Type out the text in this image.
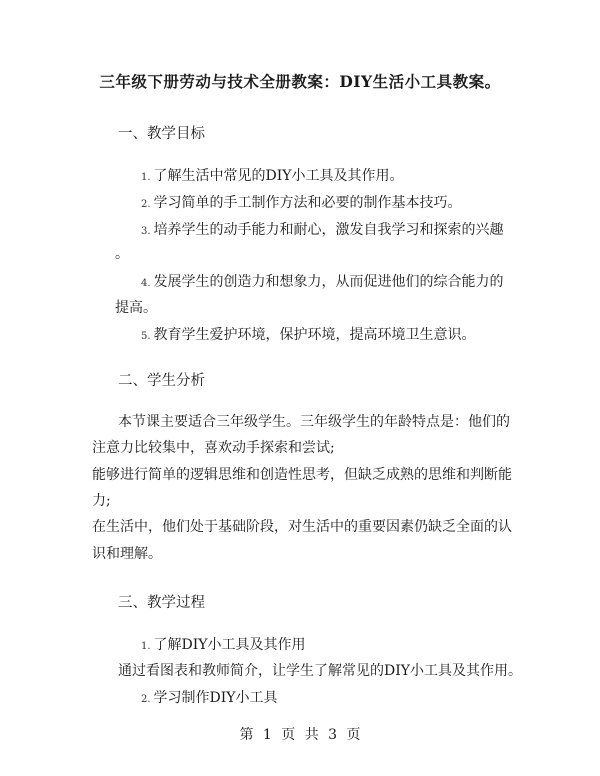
三年级下册劳动与技术全册教案：DIY生活小工具教案。
一、教学目标
1. 了解生活中常见的DIY小工具及其作用。
2. 学习简单的手工制作方法和必要的制作基本技巧。
3. 培养学生的动手能力和耐心，激发自我学习和探索的兴趣
。
4. 发展学生的创造力和想象力，从而促进他们的综合能力的
提高。
5. 教育学生爱护环境，保护环境，提高环境卫生意识。
二、学生分析
本节课主要适合三年级学生。三年级学生的年龄特点是：他们的
注意力比较集中，喜欢动手探索和尝试;
能够进行简单的逻辑思维和创造性思考，但缺乏成熟的思维和判断能
力;
在生活中，他们处于基础阶段，对生活中的重要因素仍缺乏全面的认
识和理解。
三、教学过程
1. 了解DIY小工具及其作用
通过看图表和教师简介，让学生了解常见的DIY小工具及其作用。
2. 学习制作DIY小工具
第 1 页 共 3 页
